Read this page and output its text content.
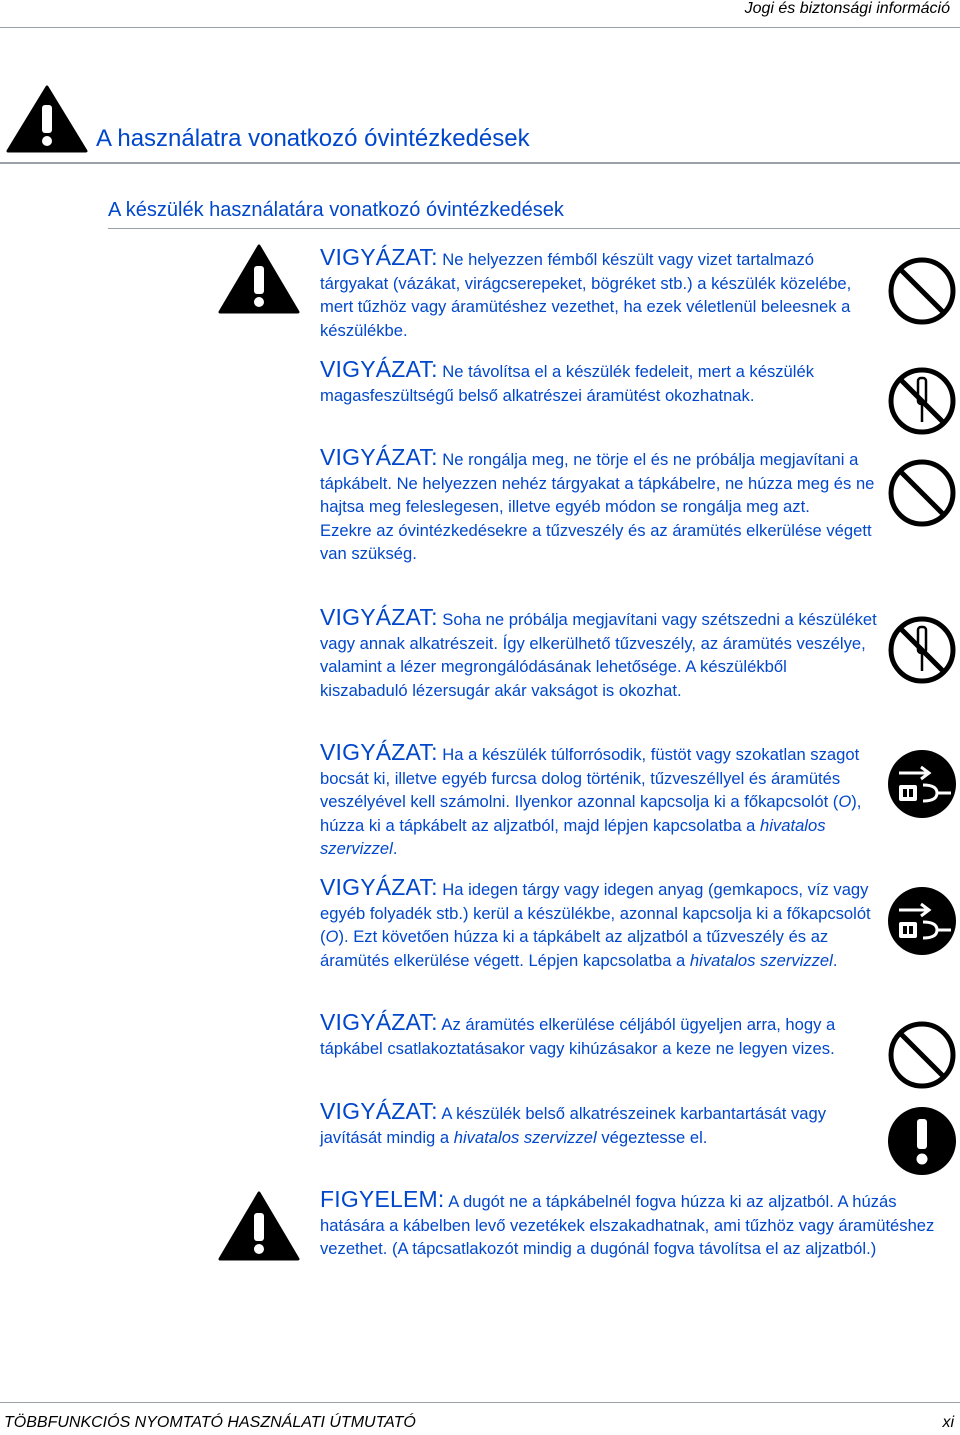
Jogi és biztonsági információ
A használatra vonatkozó óvintézkedések
A készülék használatára vonatkozó óvintézkedések
VIGYÁZAT: Ne helyezzen fémből készült vagy vizet tartalmazó tárgyakat (vázákat, virágcserepeket, bögréket stb.) a készülék közelébe, mert tűzhöz vagy áramütéshez vezethet, ha ezek véletlenül beleesnek a készülékbe.
VIGYÁZAT: Ne távolítsa el a készülék fedeleit, mert a készülék magasfeszültségű belső alkatrészei áramütést okozhatnak.
VIGYÁZAT: Ne rongálja meg, ne törje el és ne próbálja megjavítani a tápkábelt. Ne helyezzen nehéz tárgyakat a tápkábelre, ne húzza meg és ne hajtsa meg feleslegesen, illetve egyéb módon se rongálja meg azt.
Ezekre az óvintézkedésekre a tűzveszély és az áramütés elkerülése végett van szükség.
VIGYÁZAT: Soha ne próbálja megjavítani vagy szétszedni a készüléket vagy annak alkatrészeit. Így elkerülhető tűzveszély, az áramütés veszélye, valamint a lézer megrongálódásának lehetősége. A készülékből kiszabaduló lézersugár akár vakságot is okozhat.
VIGYÁZAT: Ha a készülék túlforrósodik, füstöt vagy szokatlan szagot bocsát ki, illetve egyéb furcsa dolog történik, tűzveszéllyel és áramütés veszélyével kell számolni. Ilyenkor azonnal kapcsolja ki a főkapcsolót (O), húzza ki a tápkábelt az aljzatból, majd lépjen kapcsolatba a hivatalos szervizzel.
VIGYÁZAT: Ha idegen tárgy vagy idegen anyag (gemkapocs, víz vagy egyéb folyadék stb.) kerül a készülékbe, azonnal kapcsolja ki a főkapcsolót (O). Ezt követően húzza ki a tápkábelt az aljzatból a tűzveszély és az áramütés elkerülése végett. Lépjen kapcsolatba a hivatalos szervizzel.
VIGYÁZAT: Az áramütés elkerülése céljából ügyeljen arra, hogy a tápkábel csatlakoztatásakor vagy kihúzásakor a keze ne legyen vizes.
VIGYÁZAT: A készülék belső alkatrészeinek karbantartását vagy javítását mindig a hivatalos szervizzel végeztesse el.
FIGYELEM: A dugót ne a tápkábelnél fogva húzza ki az aljzatból. A húzás hatására a kábelben levő vezetékek elszakadhatnak, ami tűzhöz vagy áramütéshez vezethet. (A tápcsatlakozót mindig a dugónál fogva távolítsa el az aljzatból.)
TÖBBFUNKCIÓS NYOMTATÓ HASZNÁLATI ÚTMUTATÓ	xi
